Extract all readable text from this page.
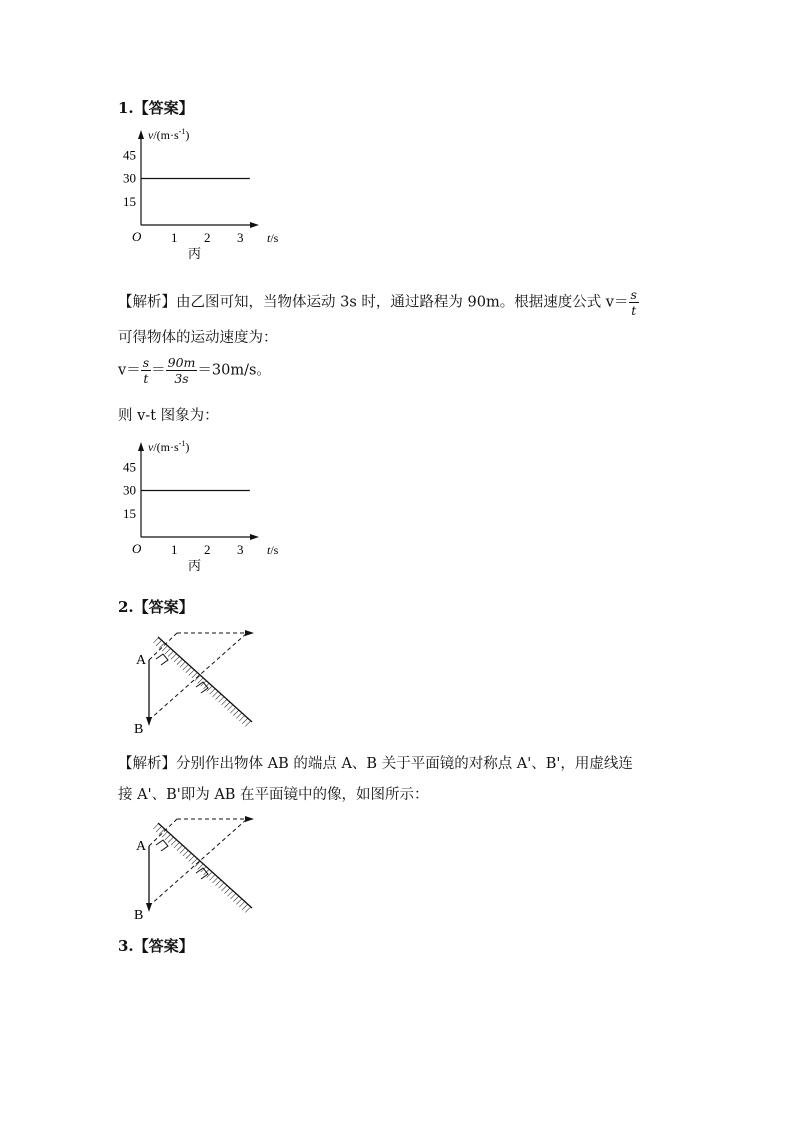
1.【答案】
$v/(m\cdot s^{-1})$
t/s
O 1 2 3
15
30
45
丙
【解析】由乙图可知，当物体运动 3s 时，通过路程为 90m。根据速度公式 $v= \frac{s}{t}$
可得物体的运动速度为：
$v= \frac{s}{t} = \frac{90m}{3s} =30m/s$。
则 v-t 图象为：
$v/(m\cdot s^{-1})$
t/s
O 1 2 3
15
30
45
丙
2.【答案】
A
B
【解析】分别作出物体 AB 的端点 A、B 关于平面镜的对称点 A'、B'，用虚线连
接 A'、B'即为 AB 在平面镜中的像，如图所示：
A
B
3.【答案】
